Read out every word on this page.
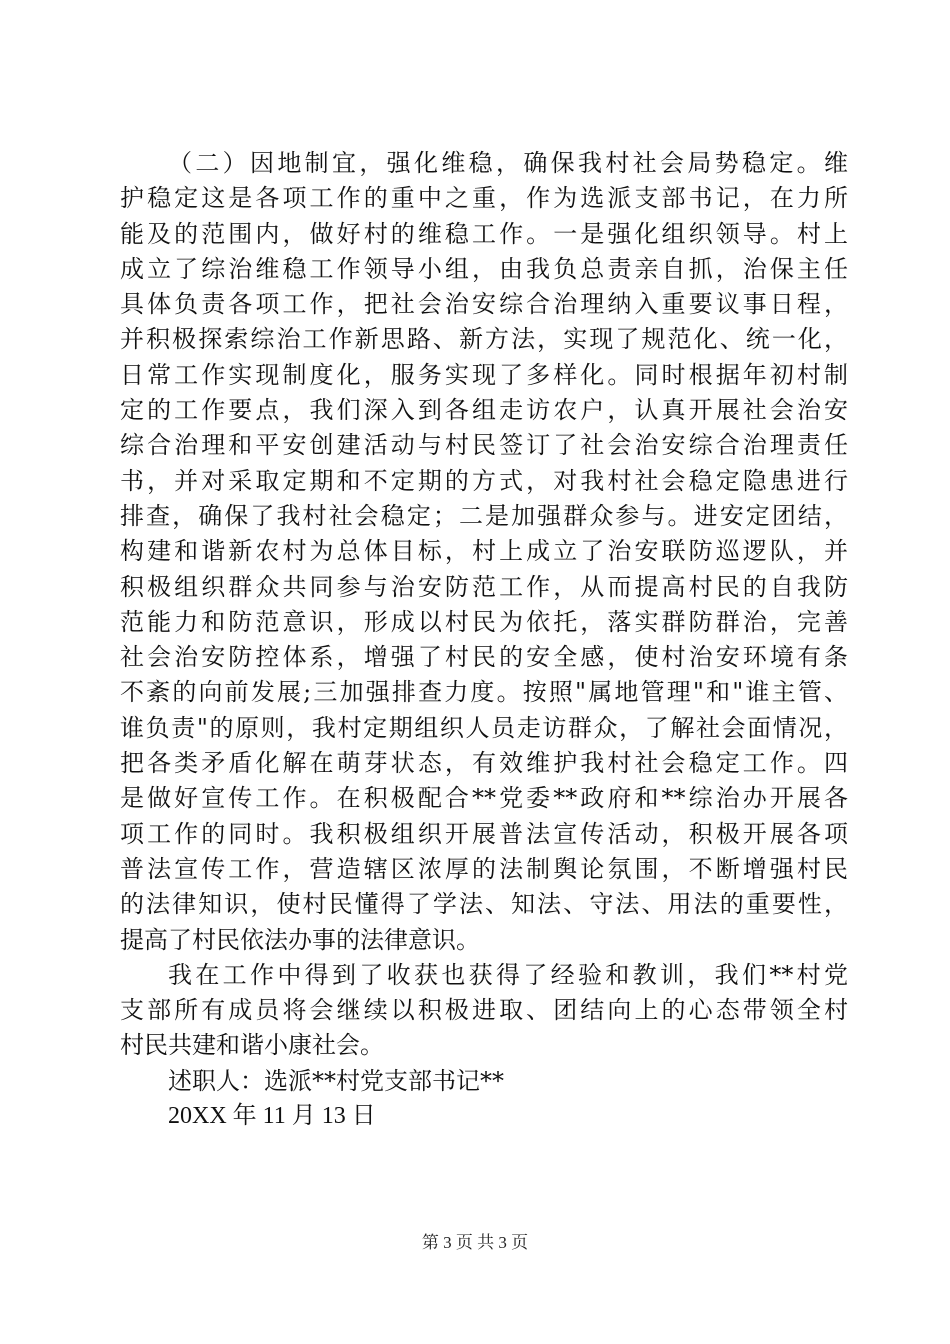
（二）因地制宜，强化维稳，确保我村社会局势稳定。维
护稳定这是各项工作的重中之重，作为选派支部书记，在力所
能及的范围内，做好村的维稳工作。一是强化组织领导。村上
成立了综治维稳工作领导小组，由我负总责亲自抓，治保主任
具体负责各项工作，把社会治安综合治理纳入重要议事日程，
并积极探索综治工作新思路、新方法，实现了规范化、统一化，
日常工作实现制度化，服务实现了多样化。同时根据年初村制
定的工作要点，我们深入到各组走访农户，认真开展社会治安
综合治理和平安创建活动与村民签订了社会治安综合治理责任
书，并对采取定期和不定期的方式，对我村社会稳定隐患进行
排查，确保了我村社会稳定；二是加强群众参与。进安定团结，
构建和谐新农村为总体目标，村上成立了治安联防巡逻队，并
积极组织群众共同参与治安防范工作，从而提高村民的自我防
范能力和防范意识，形成以村民为依托，落实群防群治，完善
社会治安防控体系，增强了村民的安全感，使村治安环境有条
不紊的向前发展;三加强排查力度。按照"属地管理"和"谁主管、
谁负责"的原则，我村定期组织人员走访群众，了解社会面情况，
把各类矛盾化解在萌芽状态，有效维护我村社会稳定工作。四
是做好宣传工作。在积极配合**党委**政府和**综治办开展各
项工作的同时。我积极组织开展普法宣传活动，积极开展各项
普法宣传工作，营造辖区浓厚的法制舆论氛围，不断增强村民
的法律知识，使村民懂得了学法、知法、守法、用法的重要性，
提高了村民依法办事的法律意识。
我在工作中得到了收获也获得了经验和教训，我们**村党
支部所有成员将会继续以积极进取、团结向上的心态带领全村
村民共建和谐小康社会。
述职人：选派**村党支部书记**
20XX 年 11 月 13 日
第 3 页 共 3 页
